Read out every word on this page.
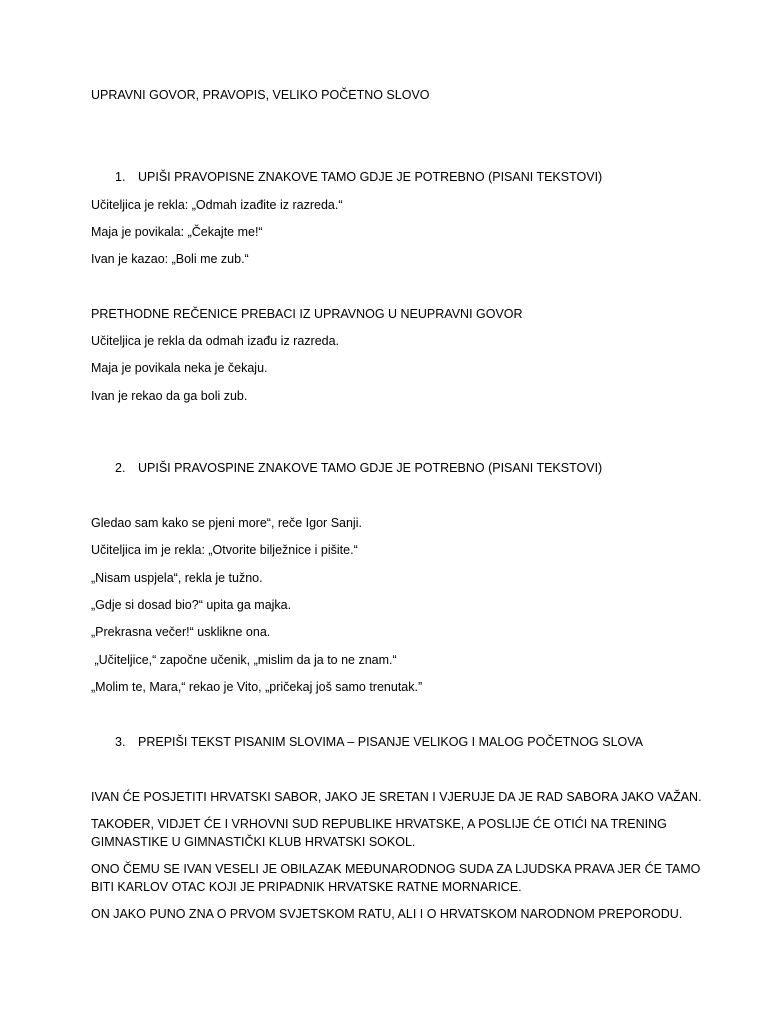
UPRAVNI GOVOR, PRAVOPIS, VELIKO POČETNO SLOVO
1. UPIŠI PRAVOPISNE ZNAKOVE TAMO GDJE JE POTREBNO (PISANI TEKSTOVI)
Učiteljica je rekla: „Odmah izađite iz razreda.“
Maja je povikala: „Čekajte me!“
Ivan je kazao: „Boli me zub.“
PRETHODNE REČENICE PREBACI IZ UPRAVNOG U NEUPRAVNI GOVOR
Učiteljica je rekla da odmah izađu iz razreda.
Maja je povikala neka je čekaju.
Ivan je rekao da ga boli zub.
2. UPIŠI PRAVOSPINE ZNAKOVE TAMO GDJE JE POTREBNO (PISANI TEKSTOVI)
Gledao sam kako se pjeni more“, reče Igor Sanji.
Učiteljica im je rekla: „Otvorite bilježnice i pišite.“
„Nisam uspjela“, rekla je tužno.
„Gdje si dosad bio?“ upita ga majka.
„Prekrasna večer!“ usklikne ona.
„Učiteljice,“ započne učenik, „mislim da ja to ne znam.“
„Molim te, Mara,“ rekao je Vito, „pričekaj još samo trenutak.”
3. PREPIŠI TEKST PISANIM SLOVIMA – PISANJE VELIKOG I MALOG POČETNOG SLOVA
IVAN ĆE POSJETITI HRVATSKI SABOR, JAKO JE SRETAN I VJERUJE DA JE RAD SABORA JAKO VAŽAN.
TAKOĐER, VIDJET ĆE I VRHOVNI SUD REPUBLIKE HRVATSKE, A POSLIJE ĆE OTIĆI NA TRENING
GIMNASTIKE U GIMNASTIČKI KLUB HRVATSKI SOKOL.
ONO ČEMU SE IVAN VESELI JE OBILAZAK MEĐUNARODNOG SUDA ZA LJUDSKA PRAVA JER ĆE TAMO
BITI KARLOV OTAC KOJI JE PRIPADNIK HRVATSKE RATNE MORNARICE.
ON JAKO PUNO ZNA O PRVOM SVJETSKOM RATU, ALI I O HRVATSKOM NARODNOM PREPORODU.
